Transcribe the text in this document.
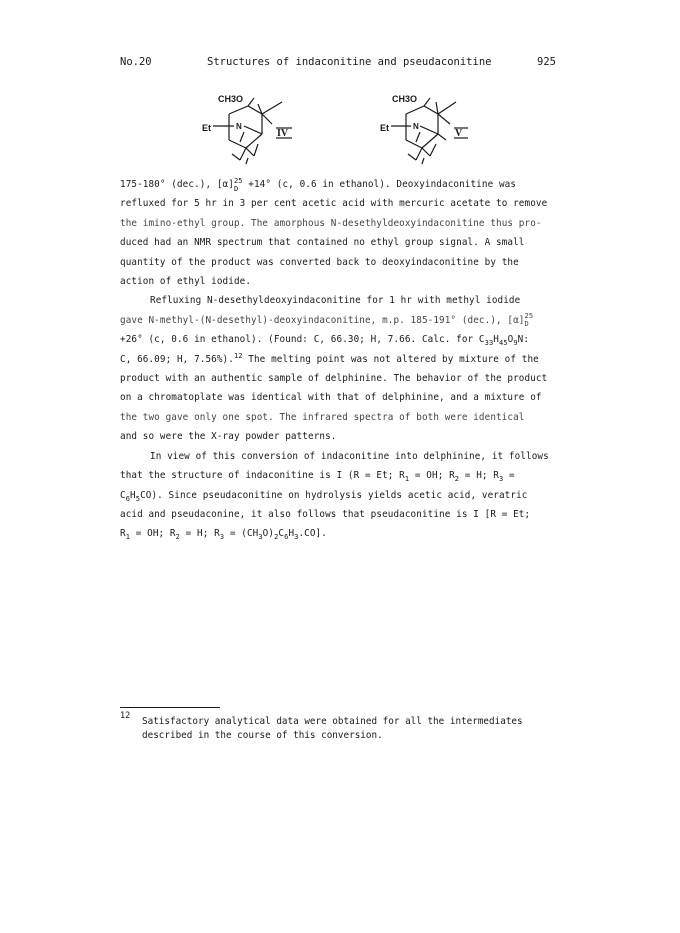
No.20	Structures of indaconitine and pseudaconitine	925
CH3O
Et	N
IV
CH3O
Et	N
V

175-180° (dec.), [α] 25
D +14° (c, 0.6 in ethanol). Deoxyindaconitine was

refluxed for 5 hr in 3 per cent acetic acid with mercuric acetate to remove

the imino-ethyl group. The amorphous N-desethyldeoxyindaconitine thus pro-

duced had an NMR spectrum that contained no ethyl group signal. A small

quantity of the product was converted back to deoxyindaconitine by the

action of ethyl iodide.

Refluxing N-desethyldeoxyindaconitine for 1 hr with methyl iodide

gave N-methyl-(N-desethyl)-deoxyindaconitine, m.p. 185-191° (dec.), [α] 25
D

+26° (c, 0.6 in ethanol). (Found: C, 66.30; H, 7.66. Calc. for $C_{33}H_{45}O_9N$:

C, 66.09; H, 7.56%).$^{12}$ The melting point was not altered by mixture of the

product with an authentic sample of delphinine. The behavior of the product

on a chromatoplate was identical with that of delphinine, and a mixture of

the two gave only one spot. The infrared spectra of both were identical

and so were the X-ray powder patterns.

In view of this conversion of indaconitine into delphinine, it follows

that the structure of indaconitine is I (R = Et; $R_1$ = OH; $R_2 = H$; $R_3$ =

$C_6H_5CO$). Since pseudaconitine on hydrolysis yields acetic acid, veratric

acid and pseudaconine, it also follows that pseudaconitine is I [R = Et;

$R_1$ = OH; $R_2 = H$; $R_3 = (CH_3O)_2C_6H_3.CO$].

12	Satisfactory analytical data were obtained for all the intermediates
described in the course of this conversion.
